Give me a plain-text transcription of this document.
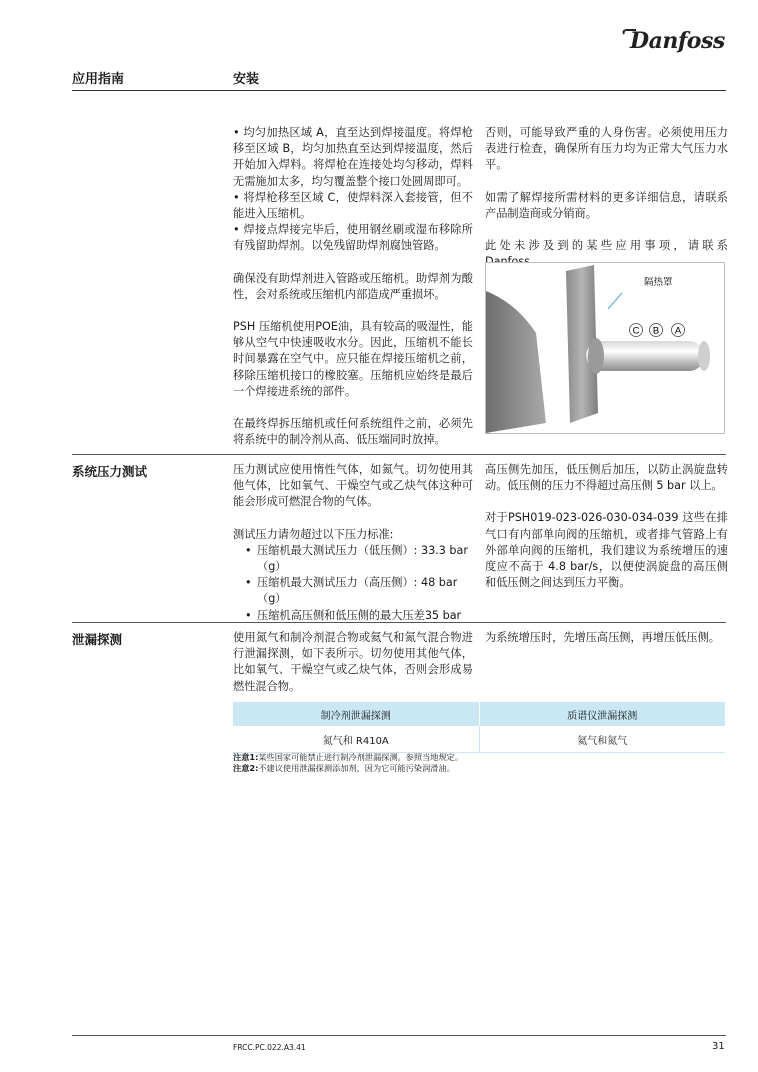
Danfoss
应用指南	安装

• 均匀加热区域 A，直至达到焊接温度。将焊枪移至区域 B，均匀加热直至达到焊接温度，然后开始加入焊料。将焊枪在连接处均匀移动，焊料无需施加太多，均匀覆盖整个接口处圆周即可。

• 将焊枪移至区域 C，使焊料深入套接管，但不能进入压缩机。

• 焊接点焊接完毕后，使用钢丝刷或湿布移除所有残留助焊剂。以免残留助焊剂腐蚀管路。

确保没有助焊剂进入管路或压缩机。助焊剂为酸性，会对系统或压缩机内部造成严重损坏。

PSH 压缩机使用POE油，具有较高的吸湿性，能够从空气中快速吸收水分。因此，压缩机不能长时间暴露在空气中。应只能在焊接压缩机之前，移除压缩机接口的橡胶塞。压缩机应始终是最后一个焊接进系统的部件。

在最终焊拆压缩机或任何系统组件之前，必须先将系统中的制冷剂从高、低压端同时放掉。

否则，可能导致严重的人身伤害。必须使用压力表进行检查，确保所有压力均为正常大气压力水平。

如需了解焊接所需材料的更多详细信息，请联系产品制造商或分销商。

此处未涉及到的某些应用事项，请联系

C B A
隔热罩
系统压力测试	压力测试应使用惰性气体，如氮气。切勿使用其他气体，比如氧气、干燥空气或乙炔气体这种可能会形成可燃混合物的气体。

测试压力请勿超过以下压力标准:

• 压缩机最大测试压力（低压侧）: 33.3 bar（g）
• 压缩机最大测试压力（高压侧）: 48 bar（g）
• 压缩机高压侧和低压侧的最大压差35 bar

高压侧先加压，低压侧后加压，以防止涡旋盘转动。低压侧的压力不得超过高压侧 5 bar 以上。

对于PSH019-023-026-030-034-039 这些在排气口有内部单向阀的压缩机，或者排气管路上有外部单向阀的压缩机，我们建议为系统增压的速度应不高于 4.8 bar/s，以便使涡旋盘的高压侧和低压侧之间达到压力平衡。

泄漏探测	使用氮气和制冷剂混合物或氦气和氮气混合物进行泄漏探测，如下表所示。切勿使用其他气体，比如氧气、干燥空气或乙炔气体，否则会形成易燃性混合物。

为系统增压时，先增压高压侧，再增压低压侧。

制冷剂泄漏探测	质谱仪泄漏探测
氮气和 R410A	氦气和氮气
注意1:某些国家可能禁止进行制冷剂泄漏探测。参照当地规定。
注意2:不建议使用泄漏探测添加剂，因为它可能污染润滑油。
FRCC.PC.022.A3.41	31
